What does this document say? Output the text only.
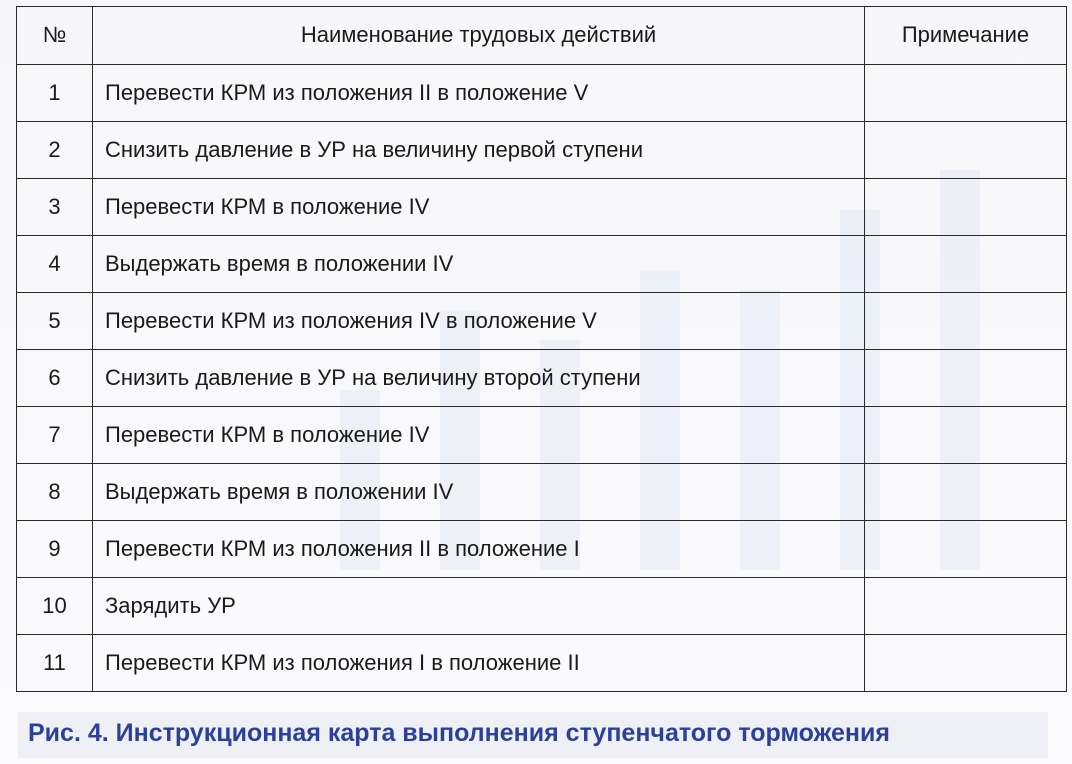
№	Наименование трудовых действий	Примечание
1	Перевести КРМ из положения II в положение V	
2	Снизить давление в УР на величину первой ступени	
3	Перевести КРМ в положение IV	
4	Выдержать время в положении IV	
5	Перевести КРМ из положения IV в положение V	
6	Снизить давление в УР на величину второй ступени	
7	Перевести КРМ в положение IV	
8	Выдержать время в положении IV	
9	Перевести КРМ из положения II в положение I	
10	Зарядить УР	
11	Перевести КРМ из положения I в положение II	
Рис. 4. Инструкционная карта выполнения ступенчатого торможения
